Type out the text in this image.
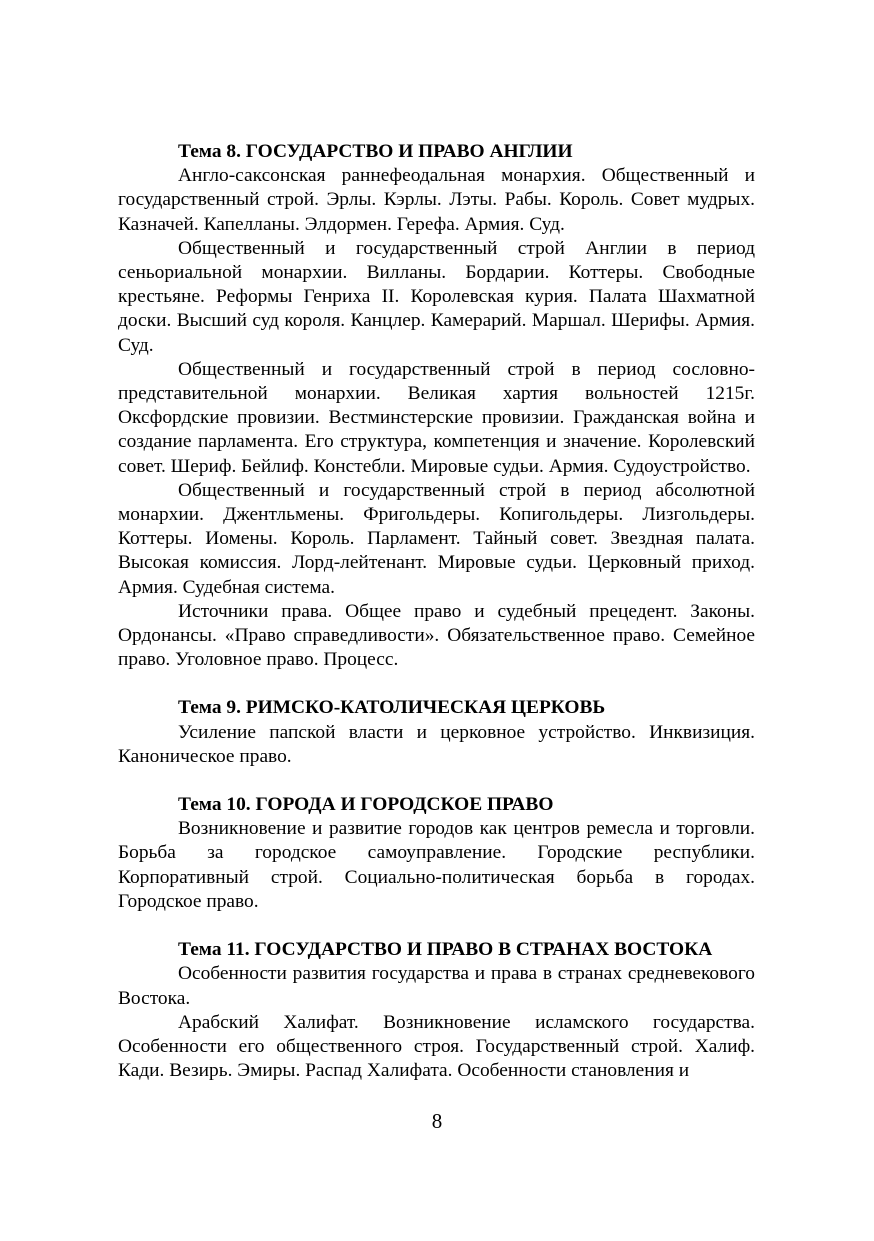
Тема 8. ГОСУДАРСТВО И ПРАВО АНГЛИИ

Англо-саксонская раннефеодальная монархия. Общественный и государственный строй. Эрлы. Кэрлы. Лэты. Рабы. Король. Совет мудрых. Казначей. Капелланы. Элдормен. Герефа. Армия. Суд.

Общественный и государственный строй Англии в период сеньориальной монархии. Вилланы. Бордарии. Коттеры. Свободные крестьяне. Реформы Генриха II. Королевская курия. Палата Шахматной доски. Высший суд короля. Канцлер. Камерарий. Маршал. Шерифы. Армия. Суд.

Общественный и государственный строй в период сословно-представительной монархии. Великая хартия вольностей 1215г. Оксфордские провизии. Вестминстерские провизии. Гражданская война и создание парламента. Его структура, компетенция и значение. Королевский совет. Шериф. Бейлиф. Констебли. Мировые судьи. Армия. Судоустройство.

Общественный и государственный строй в период абсолютной монархии. Джентльмены. Фригольдеры. Копигольдеры. Лизгольдеры. Коттеры. Иомены. Король. Парламент. Тайный совет. Звездная палата. Высокая комиссия. Лорд-лейтенант. Мировые судьи. Церковный приход. Армия. Судебная система.

Источники права. Общее право и судебный прецедент. Законы. Ордонансы. «Право справедливости». Обязательственное право. Семейное право. Уголовное право. Процесс.

Тема 9. РИМСКО-КАТОЛИЧЕСКАЯ ЦЕРКОВЬ

Усиление папской власти и церковное устройство. Инквизиция. Каноническое право.

Тема 10. ГОРОДА И ГОРОДСКОЕ ПРАВО

Возникновение и развитие городов как центров ремесла и торговли. Борьба за городское самоуправление. Городские республики. Корпоративный строй. Социально-политическая борьба в городах. Городское право.

Тема 11. ГОСУДАРСТВО И ПРАВО В СТРАНАХ ВОСТОКА

Особенности развития государства и права в странах средневекового Востока.

Арабский Халифат. Возникновение исламского государства. Особенности его общественного строя. Государственный строй. Халиф. Кади. Везирь. Эмиры. Распад Халифата. Особенности становления и

8
